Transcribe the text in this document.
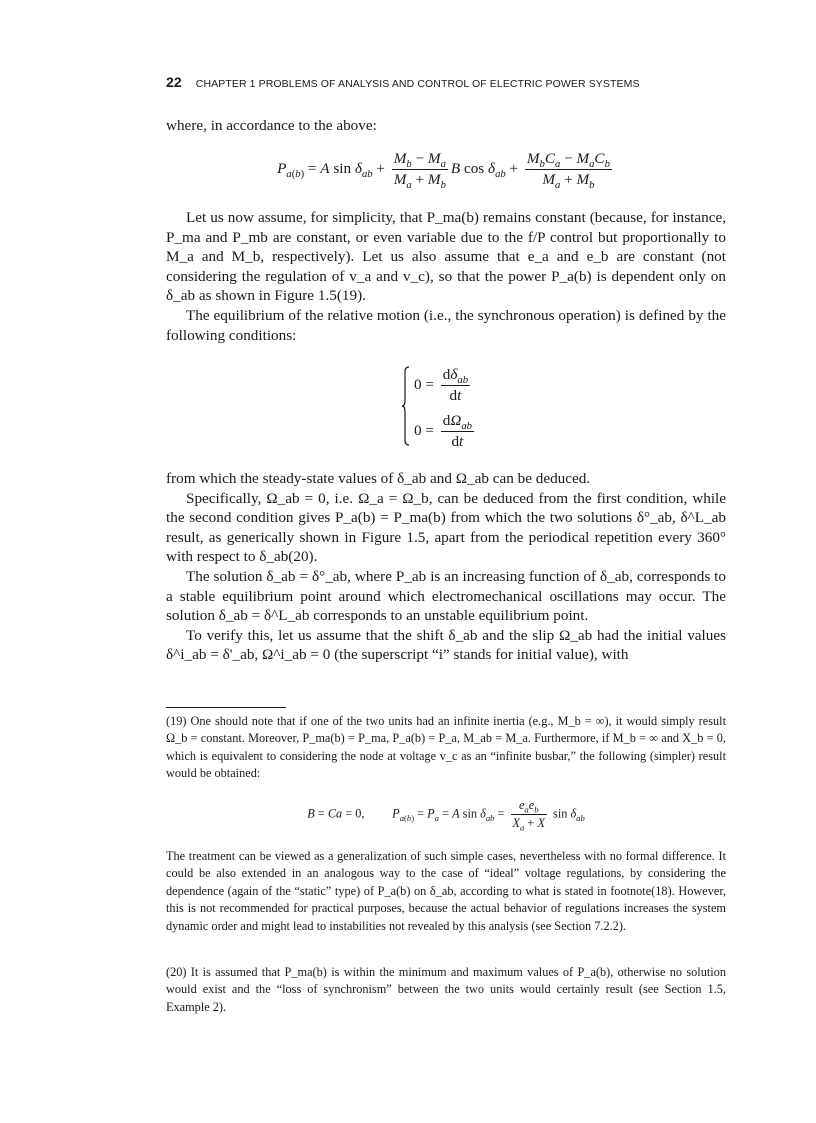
22 CHAPTER 1 PROBLEMS OF ANALYSIS AND CONTROL OF ELECTRIC POWER SYSTEMS

where, in accordance to the above:

$P_{a(b)} = A$ $\sin \delta_{ab} + \frac{M_b - M_a}{M_a + M_b}$ B $\cos \delta_{ab} + \frac{M_bC_a - M_aC_b}{M_a + M_b}$

Let us now assume, for simplicity, that P_ma(b) remains constant (because, for instance, P_ma and P_mb are constant, or even variable due to the f/P control but proportionally to M_a and M_b, respectively). Let us also assume that e_a and e_b are constant (not considering the regulation of v_a and v_c), so that the power P_a(b) is dependent only on δ_ab as shown in Figure 1.5(19).

The equilibrium of the relative motion (i.e., the synchronous operation) is defined by the following conditions:

$0 = \frac{d\delta_{ab}}{dt}$
$0 = \frac{d\Omega_{ab}}{dt}$

from which the steady-state values of δ_ab and Ω_ab can be deduced.

Specifically, Ω_ab = 0, i.e. Ω_a = Ω_b, can be deduced from the first condition, while the second condition gives P_a(b) = P_ma(b) from which the two solutions δ°_ab, δ^L_ab result, as generically shown in Figure 1.5, apart from the periodical repetition every 360° with respect to δ_ab(20).

The solution δ_ab = δ°_ab, where P_ab is an increasing function of δ_ab, corresponds to a stable equilibrium point around which electromechanical oscillations may occur. The solution δ_ab = δ^L_ab corresponds to an unstable equilibrium point.

To verify this, let us assume that the shift δ_ab and the slip Ω_ab had the initial values δ^i_ab = δ'_ab, Ω^i_ab = 0 (the superscript “i” stands for initial value), with

(19) One should note that if one of the two units had an infinite inertia (e.g., M_b = ∞), it would simply result Ω_b = constant. Moreover, P_ma(b) = P_ma, P_a(b) = P_a, M_ab = M_a. Furthermore, if M_b = ∞ and X_b = 0, which is equivalent to considering the node at voltage v_c as an “infinite busbar,” the following (simpler) result would be obtained:

B = Ca = 0,         $P_{a(b)} = P_a = A$ $\sin \delta_{ab} = \frac{e_ae_b}{X_a + X}$ $\sin \delta_{ab}$

The treatment can be viewed as a generalization of such simple cases, nevertheless with no formal difference. It could be also extended in an analogous way to the case of “ideal” voltage regulations, by considering the dependence (again of the “static” type) of P_a(b) on δ_ab, according to what is stated in footnote(18). However, this is not recommended for practical purposes, because the actual behavior of regulations increases the system dynamic order and might lead to instabilities not revealed by this analysis (see Section 7.2.2).

(20) It is assumed that P_ma(b) is within the minimum and maximum values of P_a(b), otherwise no solution would exist and the “loss of synchronism” between the two units would certainly result (see Section 1.5, Example 2).
